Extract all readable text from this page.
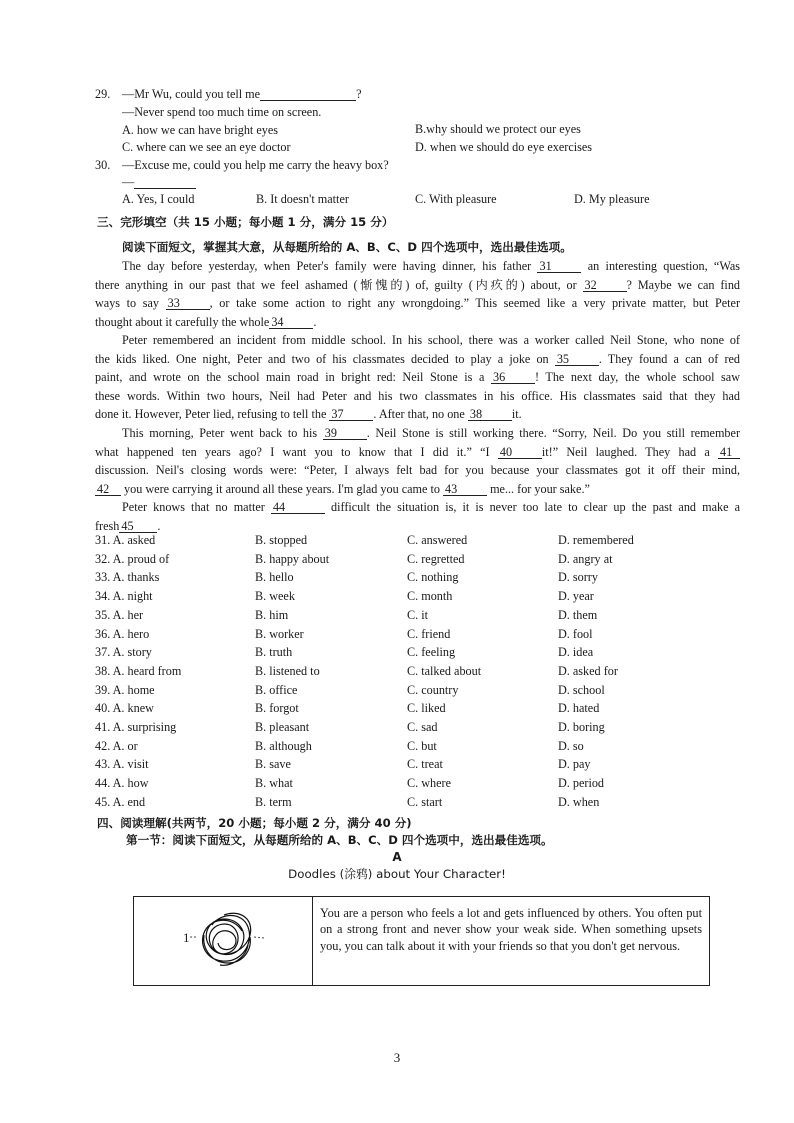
29. —Mr Wu, could you tell me	?
—Never spend too much time on screen.
A. how we can have bright eyes	B.why should we protect our eyes
C. where can we see an eye doctor	D. when we should do eye exercises
30. —Excuse me, could you help me carry the heavy box?
—
A. Yes, I could	B. It doesn't matter	C. With pleasure	D. My pleasure
三、完形填空（共 15 小题；每小题 1 分，满分 15 分）
阅读下面短文，掌握其大意，从每题所给的 A、B、C、D 四个选项中，选出最佳选项。
The day before yesterday, when Peter's family were having dinner, his father 31	an interesting question, “Was
there anything in our past that we feel ashamed (惭愧的) of, guilty (内疚的) about, or 32 ? Maybe we can find
ways to say 33 , or take some action to right any wrongdoing.” This seemed like a very private matter, but Peter
thought about it carefully the whole 34 .
Peter remembered an incident from middle school. In his school, there was a worker called Neil Stone, who none of
the kids liked. One night, Peter and two of his classmates decided to play a joke on 35 . They found a can of red
paint, and wrote on the school main road in bright red: Neil Stone is a 36 ! The next day, the whole school saw
these words. Within two hours, Neil had Peter and his two classmates in his office. His classmates said that they had
done it. However, Peter lied, refusing to tell the 37 . After that, no one 38 it.
This morning, Peter went back to his 39 . Neil Stone is still working there. “Sorry, Neil. Do you still remember
what happened ten years ago? I want you to know that I did it.” “I 40 it!” Neil laughed. They had a 41
discussion. Neil's closing words were: “Peter, I always felt bad for you because your classmates got it off their mind,
42 you were carrying it around all these years. I'm glad you came to 43	me... for your sake.”
Peter knows that no matter 44	difficult the situation is, it is never too late to clear up the past and make a
fresh 45 .
31. A. asked	B. stopped	C. answered	D. remembered
32. A. proud of	B. happy about	C. regretted	D. angry at
33. A. thanks	B. hello	C. nothing	D. sorry
34. A. night	B. week	C. month	D. year
35. A. her	B. him	C. it	D. them
36. A. hero	B. worker	C. friend	D. fool
37. A. story	B. truth	C. feeling	D. idea
38. A. heard from	B. listened to	C. talked about	D. asked for
39. A. home	B. office	C. country	D. school
40. A. knew	B. forgot	C. liked	D. hated
41. A. surprising	B. pleasant	C. sad	D. boring
42. A. or	B. although	C. but	D. so
43. A. visit	B. save	C. treat	D. pay
44. A. how	B. what	C. where	D. period
45. A. end	B. term	C. start	D. when
四、阅读理解(共两节，20 小题；每小题 2 分，满分 40 分)
第一节：阅读下面短文，从每题所给的 A、B、C、D 四个选项中，选出最佳选项。
A
Doodles (涂鸦) about Your Character!
1
You are a person who feels a lot and gets influenced by others. You often put on a strong front and never show your weak side. When something upsets you, you can talk about it with your friends so that you don't get nervous.
3
